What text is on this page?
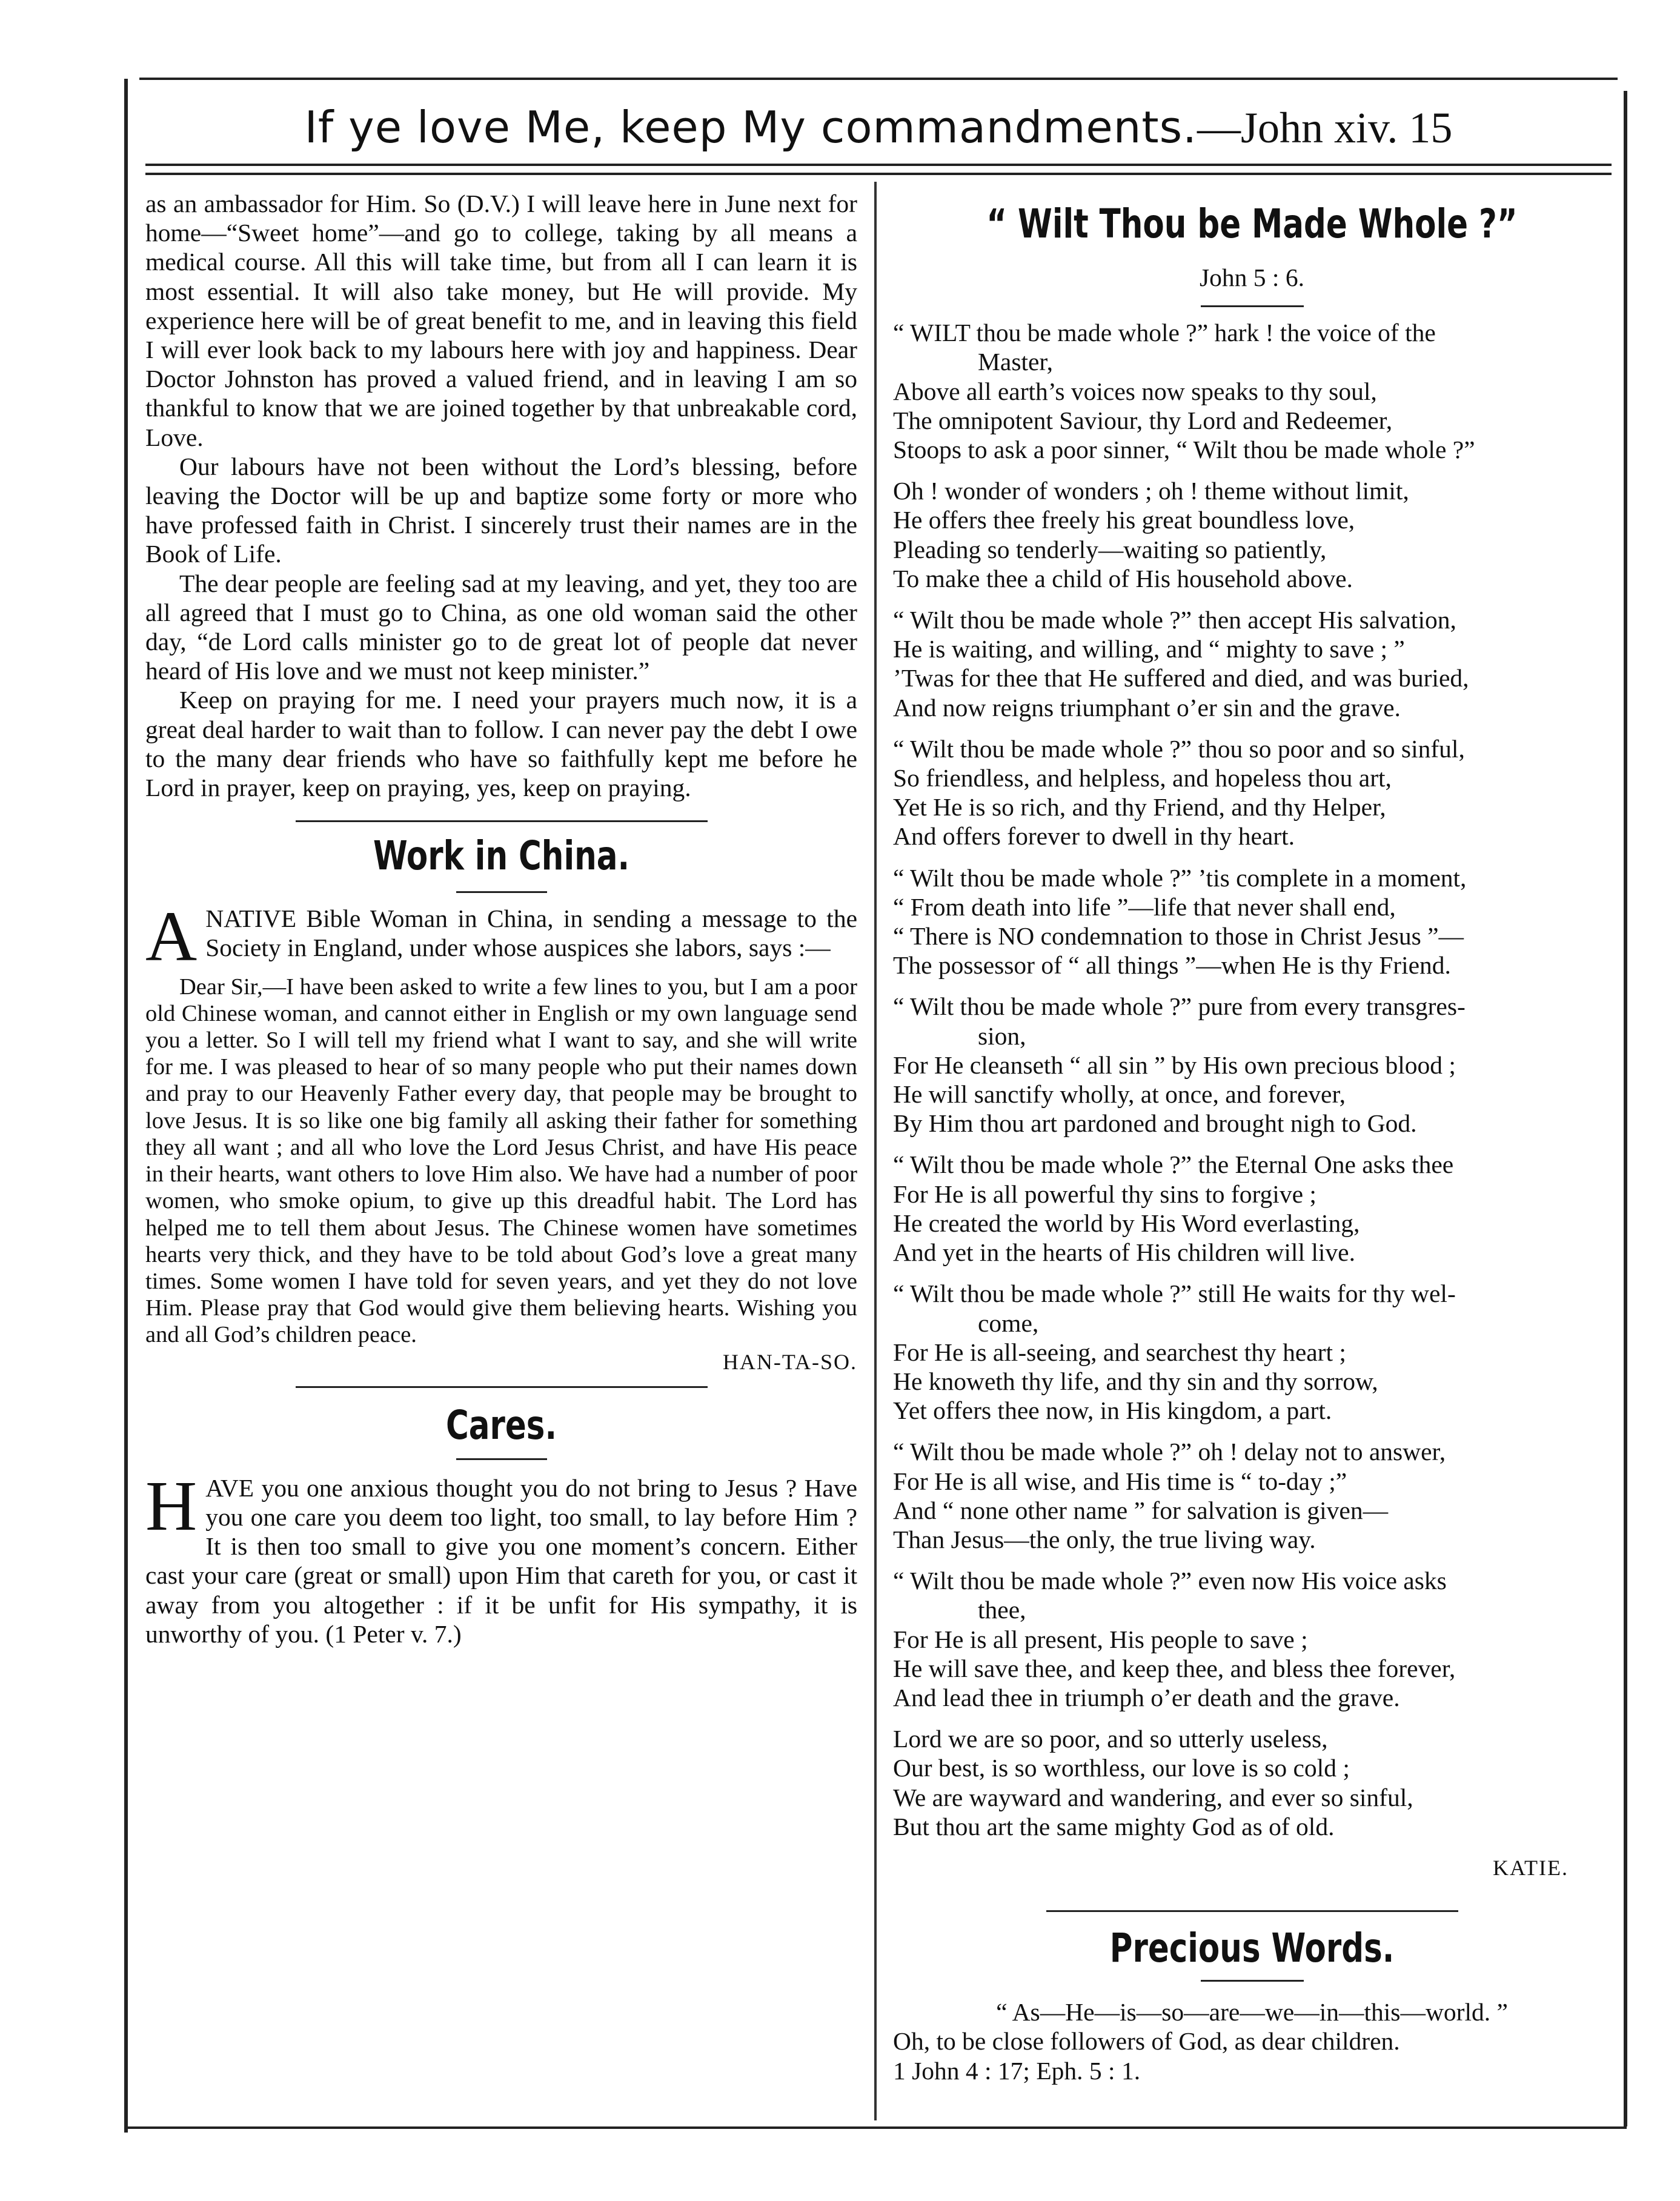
If ye love Me, keep My commandments.—John xiv. 15

as an ambassador for Him. So (D.V.) I will leave here in June next for home—“Sweet home”—and go to college, taking by all means a medical course. All this will take time, but from all I can learn it is most essential. It will also take money, but He will provide. My experience here will be of great benefit to me, and in leaving this field I will ever look back to my labours here with joy and happiness. Dear Doctor Johnston has proved a valued friend, and in leaving I am so thankful to know that we are joined together by that unbreakable cord, Love.

Our labours have not been without the Lord’s blessing, before leaving the Doctor will be up and baptize some forty or more who have professed faith in Christ. I sincerely trust their names are in the Book of Life.

The dear people are feeling sad at my leaving, and yet, they too are all agreed that I must go to China, as one old woman said the other day, “de Lord calls minister go to de great lot of people dat never heard of His love and we must not keep minister.”

Keep on praying for me. I need your prayers much now, it is a great deal harder to wait than to follow. I can never pay the debt I owe to the many dear friends who have so faithfully kept me before he Lord in prayer, keep on praying, yes, keep on praying.

Work in China.

ANATIVE Bible Woman in China, in sending a message to the Society in England, under whose auspices she labors, says :—

Dear Sir,—I have been asked to write a few lines to you, but I am a poor old Chinese woman, and cannot either in English or my own language send you a letter. So I will tell my friend what I want to say, and she will write for me. I was pleased to hear of so many people who put their names down and pray to our Heavenly Father every day, that people may be brought to love Jesus. It is so like one big family all asking their father for something they all want ; and all who love the Lord Jesus Christ, and have His peace in their hearts, want others to love Him also. We have had a number of poor women, who smoke opium, to give up this dreadful habit. The Lord has helped me to tell them about Jesus. The Chinese women have sometimes hearts very thick, and they have to be told about God’s love a great many times. Some women I have told for seven years, and yet they do not love Him. Please pray that God would give them believing hearts. Wishing you and all God’s children peace.

HAN-TA-SO.

Cares.

HAVE you one anxious thought you do not bring to Jesus ? Have you one care you deem too light, too small, to lay before Him ? It is then too small to give you one moment’s concern. Either cast your care (great or small) upon Him that careth for you, or cast it away from you altogether : if it be unfit for His sympathy, it is unworthy of you. (1 Peter v. 7.)

“ Wilt Thou be Made Whole ?”
John 5 : 6.
“ WILT thou be made whole ?” hark ! the voice of the
Master,
Above all earth’s voices now speaks to thy soul,
The omnipotent Saviour, thy Lord and Redeemer,
Stoops to ask a poor sinner, “ Wilt thou be made whole ?”
Oh ! wonder of wonders ; oh ! theme without limit,
He offers thee freely his great boundless love,
Pleading so tenderly—waiting so patiently,
To make thee a child of His household above.
“ Wilt thou be made whole ?” then accept His salvation,
He is waiting, and willing, and “ mighty to save ; ”
’Twas for thee that He suffered and died, and was buried,
And now reigns triumphant o’er sin and the grave.
“ Wilt thou be made whole ?” thou so poor and so sinful,
So friendless, and helpless, and hopeless thou art,
Yet He is so rich, and thy Friend, and thy Helper,
And offers forever to dwell in thy heart.
“ Wilt thou be made whole ?” ’tis complete in a moment,
“ From death into life ”—life that never shall end,
“ There is NO condemnation to those in Christ Jesus ”—
The possessor of “ all things ”—when He is thy Friend.
“ Wilt thou be made whole ?” pure from every transgres-
sion,
For He cleanseth “ all sin ” by His own precious blood ;
He will sanctify wholly, at once, and forever,
By Him thou art pardoned and brought nigh to God.
“ Wilt thou be made whole ?” the Eternal One asks thee
For He is all powerful thy sins to forgive ;
He created the world by His Word everlasting,
And yet in the hearts of His children will live.
“ Wilt thou be made whole ?” still He waits for thy wel-
come,
For He is all-seeing, and searchest thy heart ;
He knoweth thy life, and thy sin and thy sorrow,
Yet offers thee now, in His kingdom, a part.
“ Wilt thou be made whole ?” oh ! delay not to answer,
For He is all wise, and His time is “ to-day ;”
And “ none other name ” for salvation is given—
Than Jesus—the only, the true living way.
“ Wilt thou be made whole ?” even now His voice asks
thee,
For He is all present, His people to save ;
He will save thee, and keep thee, and bless thee forever,
And lead thee in triumph o’er death and the grave.
Lord we are so poor, and so utterly useless,
Our best, is so worthless, our love is so cold ;
We are wayward and wandering, and ever so sinful,
But thou art the same mighty God as of old.

KATIE.

Precious Words.

“ As—He—is—so—are—we—in—this—world. ”

Oh, to be close followers of God, as dear children.

1 John 4 : 17; Eph. 5 : 1.
